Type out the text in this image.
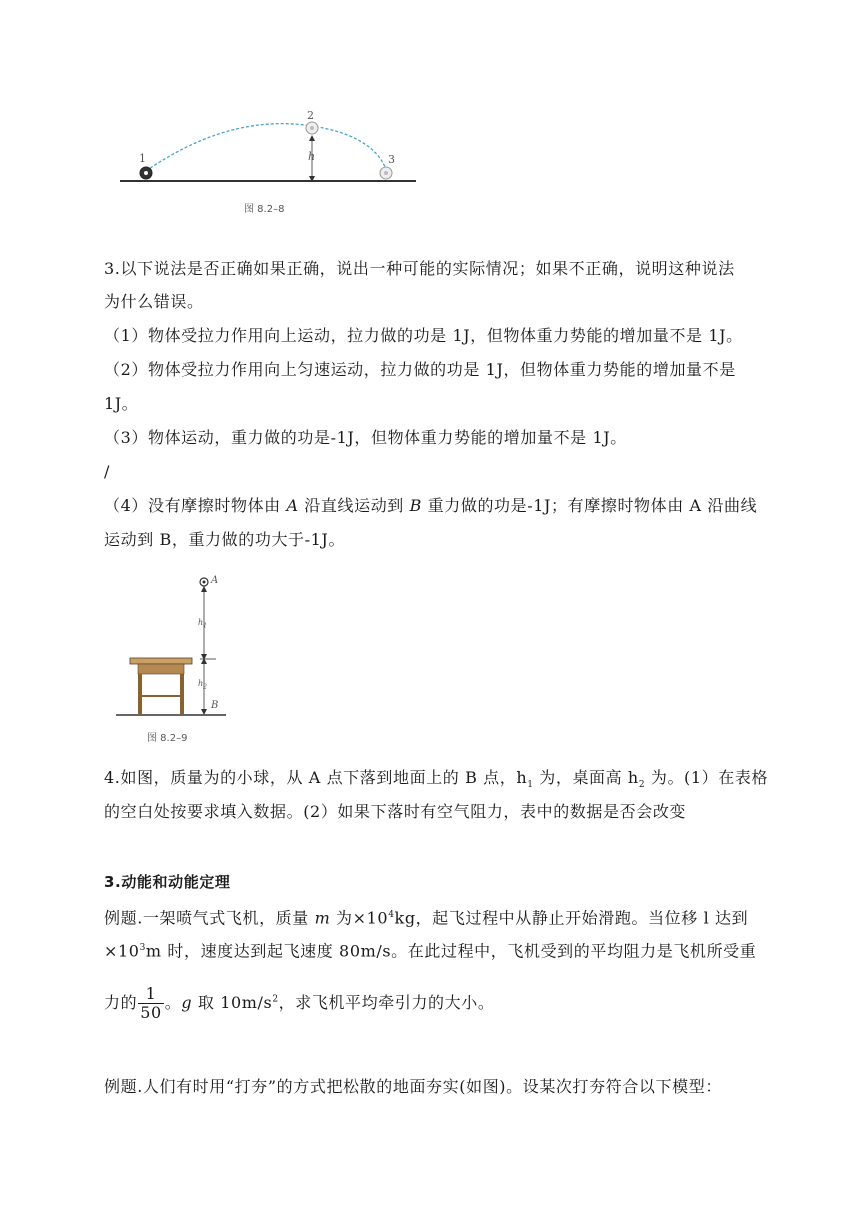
1
2
3
h
图 8.2–8
3.以下说法是否正确如果正确，说出一种可能的实际情况；如果不正确，说明这种说法
为什么错误。
（1）物体受拉力作用向上运动，拉力做的功是 1J，但物体重力势能的增加量不是 1J。
（2）物体受拉力作用向上匀速运动，拉力做的功是 1J，但物体重力势能的增加量不是
1J。
（3）物体运动，重力做的功是-1J，但物体重力势能的增加量不是 1J。
/
（4）没有摩擦时物体由 A 沿直线运动到 B 重力做的功是-1J；有摩擦时物体由 A 沿曲线
运动到 B，重力做的功大于-1J。
A
$h_1$
$h_2$
B
图 8.2–9
4.如图，质量为的小球，从 A 点下落到地面上的 B 点，$h_1$ 为，桌面高 $h_2$ 为。(1）在表格
的空白处按要求填入数据。(2）如果下落时有空气阻力，表中的数据是否会改变
3.动能和动能定理
例题.一架喷气式飞机，质量 m 为$\times 10^4kg$，起飞过程中从静止开始滑跑。当位移 l 达到
$\times 10^3m$ 时，速度达到起飞速度 80m/s。在此过程中，飞机受到的平均阻力是飞机所受重
力的 $\frac{1}{50}$ 。g 取 $10m/s^2$，求飞机平均牵引力的大小。
例题.人们有时用“打夯”的方式把松散的地面夯实(如图)。设某次打夯符合以下模型：
